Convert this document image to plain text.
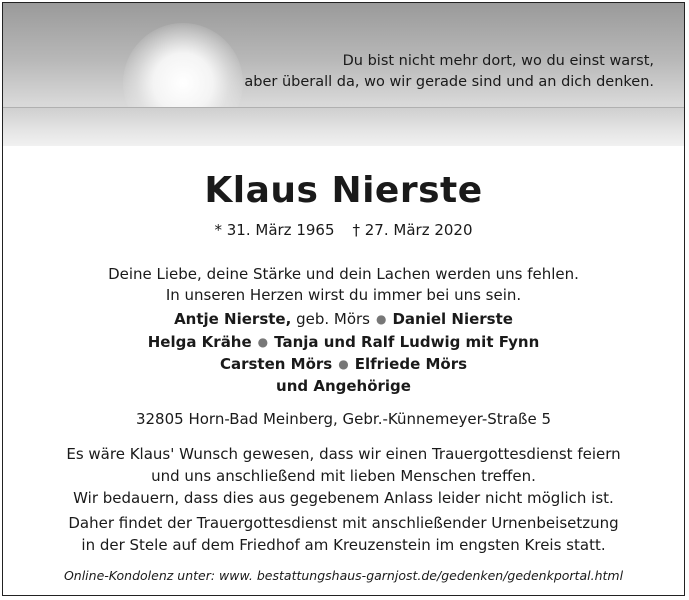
Du bist nicht mehr dort, wo du einst warst,
aber überall da, wo wir gerade sind und an dich denken.
Klaus Nierste
* 31. März 1965 † 27. März 2020
Deine Liebe, deine Stärke und dein Lachen werden uns fehlen.
In unseren Herzen wirst du immer bei uns sein.
Antje Nierste, geb. Mörs ● Daniel Nierste
Helga Krähe ● Tanja und Ralf Ludwig mit Fynn
Carsten Mörs ● Elfriede Mörs
und Angehörige
32805 Horn-Bad Meinberg, Gebr.-Künnemeyer-Straße 5
Es wäre Klaus' Wunsch gewesen, dass wir einen Trauergottesdienst feiern
und uns anschließend mit lieben Menschen treffen.
Wir bedauern, dass dies aus gegebenem Anlass leider nicht möglich ist.
Daher findet der Trauergottesdienst mit anschließender Urnenbeisetzung
in der Stele auf dem Friedhof am Kreuzenstein im engsten Kreis statt.
Online-Kondolenz unter: www. bestattungshaus-garnjost.de/gedenken/gedenkportal.html
